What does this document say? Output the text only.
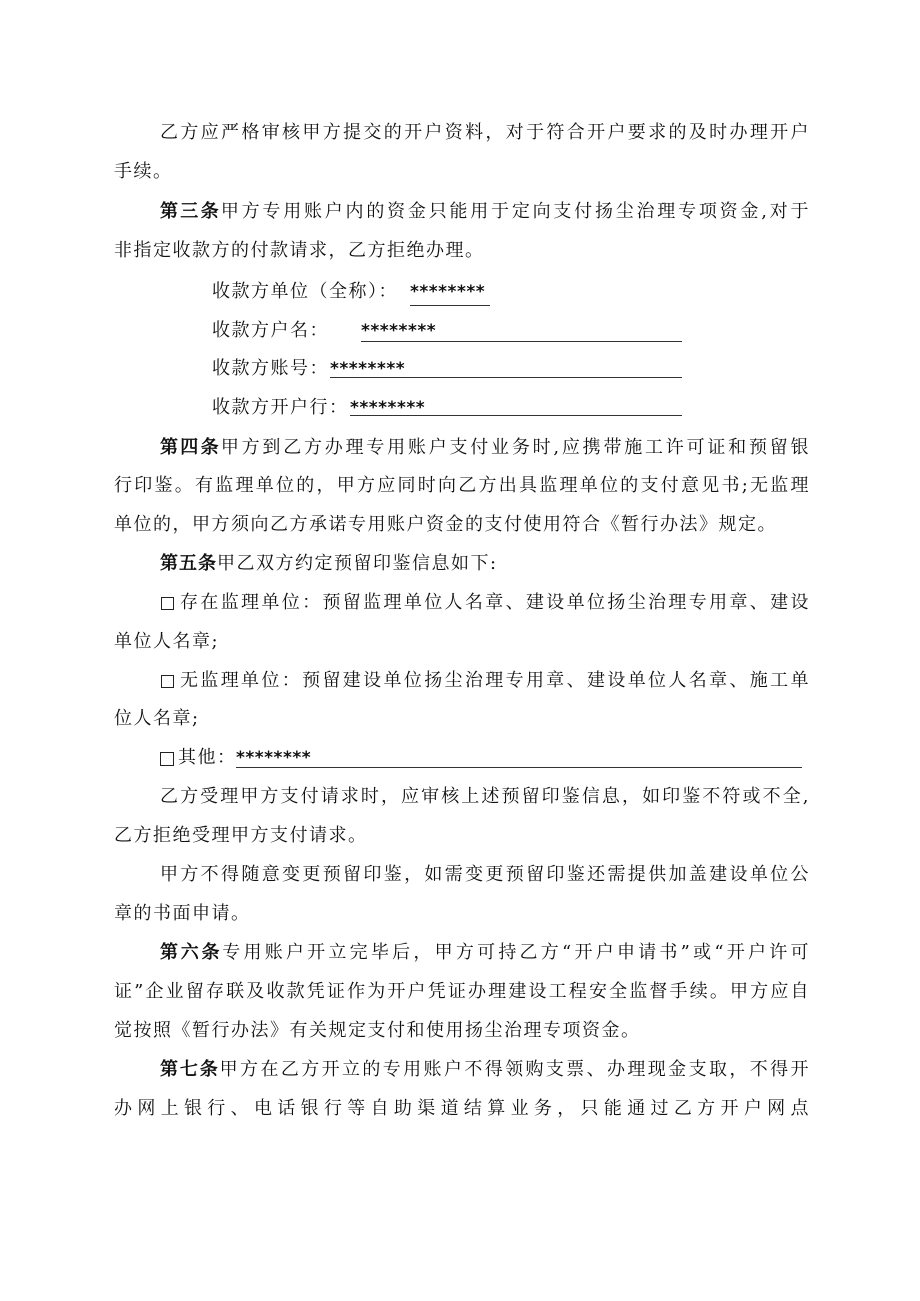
乙方应严格审核甲方提交的开户资料，对于符合开户要求的及时办理开户
手续。
第三条甲方专用账户内的资金只能用于定向支付扬尘治理专项资金,对于
非指定收款方的付款请求，乙方拒绝办理。
收款方单位（全称）： ********
收款方户名： ********
收款方账号： ********
收款方开户行： ********
第四条甲方到乙方办理专用账户支付业务时,应携带施工许可证和预留银
行印鉴。有监理单位的，甲方应同时向乙方出具监理单位的支付意见书;无监理
单位的，甲方须向乙方承诺专用账户资金的支付使用符合《暂行办法》规定。
第五条甲乙双方约定预留印鉴信息如下:
存在监理单位：预留监理单位人名章、建设单位扬尘治理专用章、建设
单位人名章;
无监理单位：预留建设单位扬尘治理专用章、建设单位人名章、施工单
位人名章;
其他： ********
乙方受理甲方支付请求时，应审核上述预留印鉴信息，如印鉴不符或不全,
乙方拒绝受理甲方支付请求。
甲方不得随意变更预留印鉴，如需变更预留印鉴还需提供加盖建设单位公
章的书面申请。
第六条专用账户开立完毕后，甲方可持乙方“开户申请书”或“开户许可
证”企业留存联及收款凭证作为开户凭证办理建设工程安全监督手续。甲方应自
觉按照《暂行办法》有关规定支付和使用扬尘治理专项资金。
第七条甲方在乙方开立的专用账户不得领购支票、办理现金支取，不得开
办网上银行、电话银行等自助渠道结算业务，只能通过乙方开户网点
